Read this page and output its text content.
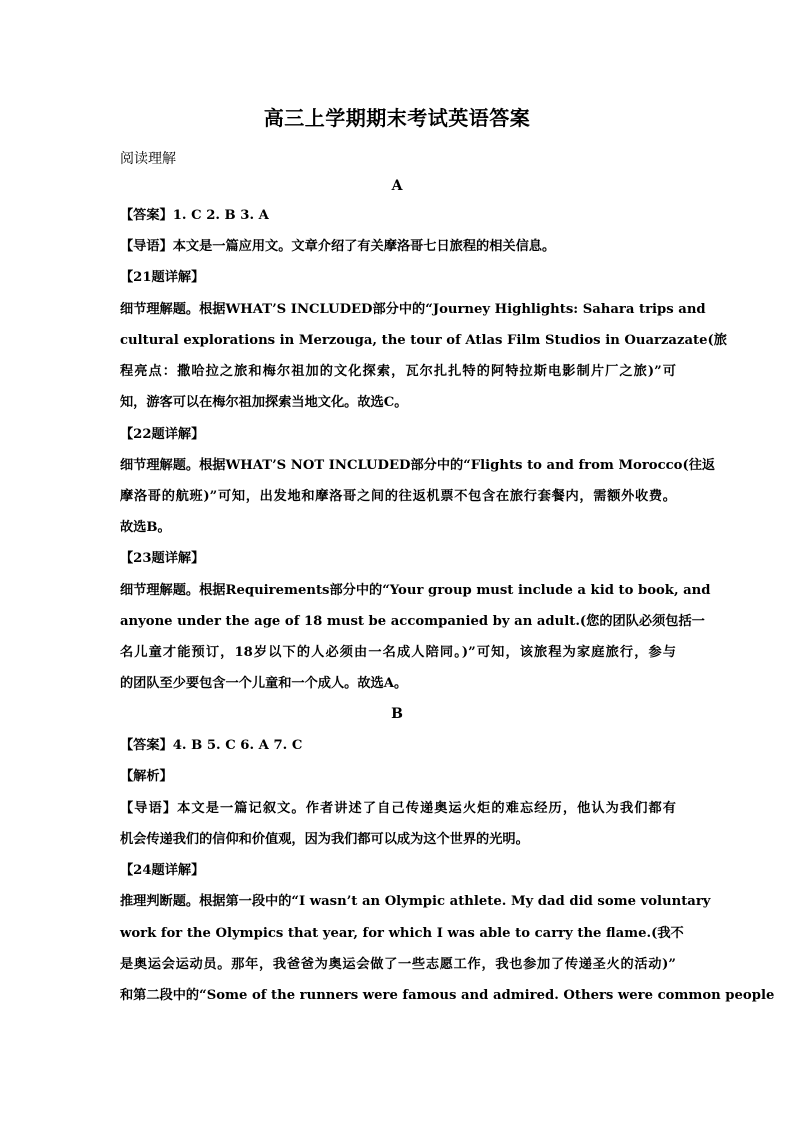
高三上学期期末考试英语答案
阅读理解
A
【答案】1. C 2. B 3. A
【导语】本文是一篇应用文。文章介绍了有关摩洛哥七日旅程的相关信息。
【21题详解】
细节理解题。根据WHAT’S INCLUDED部分中的“Journey Highlights: Sahara trips and
cultural explorations in Merzouga, the tour of Atlas Film Studios in Ouarzazate(旅
程亮点：撒哈拉之旅和梅尔祖加的文化探索，瓦尔扎扎特的阿特拉斯电影制片厂之旅)”可
知，游客可以在梅尔祖加探索当地文化。故选C。
【22题详解】
细节理解题。根据WHAT’S NOT INCLUDED部分中的“Flights to and from Morocco(往返
摩洛哥的航班)”可知，出发地和摩洛哥之间的往返机票不包含在旅行套餐内，需额外收费。
故选B。
【23题详解】
细节理解题。根据Requirements部分中的“Your group must include a kid to book, and
anyone under the age of 18 must be accompanied by an adult.(您的团队必须包括一
名儿童才能预订，18岁以下的人必须由一名成人陪同。)”可知，该旅程为家庭旅行，参与
的团队至少要包含一个儿童和一个成人。故选A。
B
【答案】4. B 5. C 6. A 7. C
【解析】
【导语】本文是一篇记叙文。作者讲述了自己传递奥运火炬的难忘经历，他认为我们都有
机会传递我们的信仰和价值观，因为我们都可以成为这个世界的光明。
【24题详解】
推理判断题。根据第一段中的“I wasn’t an Olympic athlete. My dad did some voluntary
work for the Olympics that year, for which I was able to carry the flame.(我不
是奥运会运动员。那年，我爸爸为奥运会做了一些志愿工作，我也参加了传递圣火的活动)”
和第二段中的“Some of the runners were famous and admired. Others were common people
